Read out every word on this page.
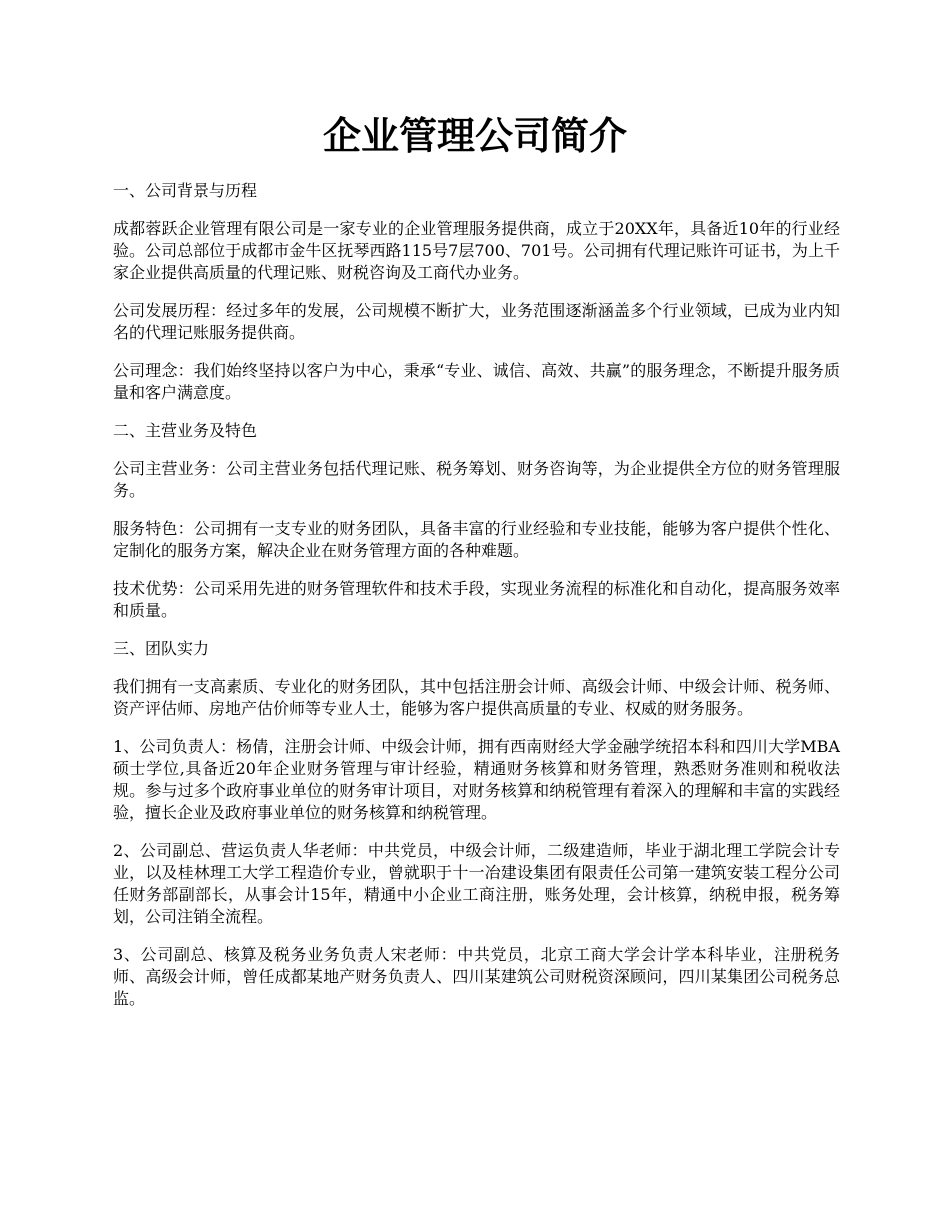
企业管理公司简介

一、公司背景与历程

成都蓉跃企业管理有限公司是一家专业的企业管理服务提供商，成立于20XX年，具备近10年的行业经验。公司总部位于成都市金牛区抚琴西路115号7层700、701号。公司拥有代理记账许可证书，为上千家企业提供高质量的代理记账、财税咨询及工商代办业务。

公司发展历程：经过多年的发展，公司规模不断扩大，业务范围逐渐涵盖多个行业领域，已成为业内知名的代理记账服务提供商。

公司理念：我们始终坚持以客户为中心，秉承“专业、诚信、高效、共赢”的服务理念，不断提升服务质量和客户满意度。

二、主营业务及特色

公司主营业务：公司主营业务包括代理记账、税务筹划、财务咨询等，为企业提供全方位的财务管理服务。

服务特色：公司拥有一支专业的财务团队，具备丰富的行业经验和专业技能，能够为客户提供个性化、定制化的服务方案，解决企业在财务管理方面的各种难题。

技术优势：公司采用先进的财务管理软件和技术手段，实现业务流程的标准化和自动化，提高服务效率和质量。

三、团队实力

我们拥有一支高素质、专业化的财务团队，其中包括注册会计师、高级会计师、中级会计师、税务师、资产评估师、房地产估价师等专业人士，能够为客户提供高质量的专业、权威的财务服务。

1、公司负责人：杨倩，注册会计师、中级会计师，拥有西南财经大学金融学统招本科和四川大学MBA硕士学位,具备近20年企业财务管理与审计经验，精通财务核算和财务管理，熟悉财务准则和税收法规。参与过多个政府事业单位的财务审计项目，对财务核算和纳税管理有着深入的理解和丰富的实践经验，擅长企业及政府事业单位的财务核算和纳税管理。

2、公司副总、营运负责人华老师：中共党员，中级会计师，二级建造师，毕业于湖北理工学院会计专业，以及桂林理工大学工程造价专业，曾就职于十一冶建设集团有限责任公司第一建筑安装工程分公司任财务部副部长，从事会计15年，精通中小企业工商注册，账务处理，会计核算，纳税申报，税务筹划，公司注销全流程。

3、公司副总、核算及税务业务负责人宋老师：中共党员，北京工商大学会计学本科毕业，注册税务师、高级会计师，曾任成都某地产财务负责人、四川某建筑公司财税资深顾问，四川某集团公司税务总监。
